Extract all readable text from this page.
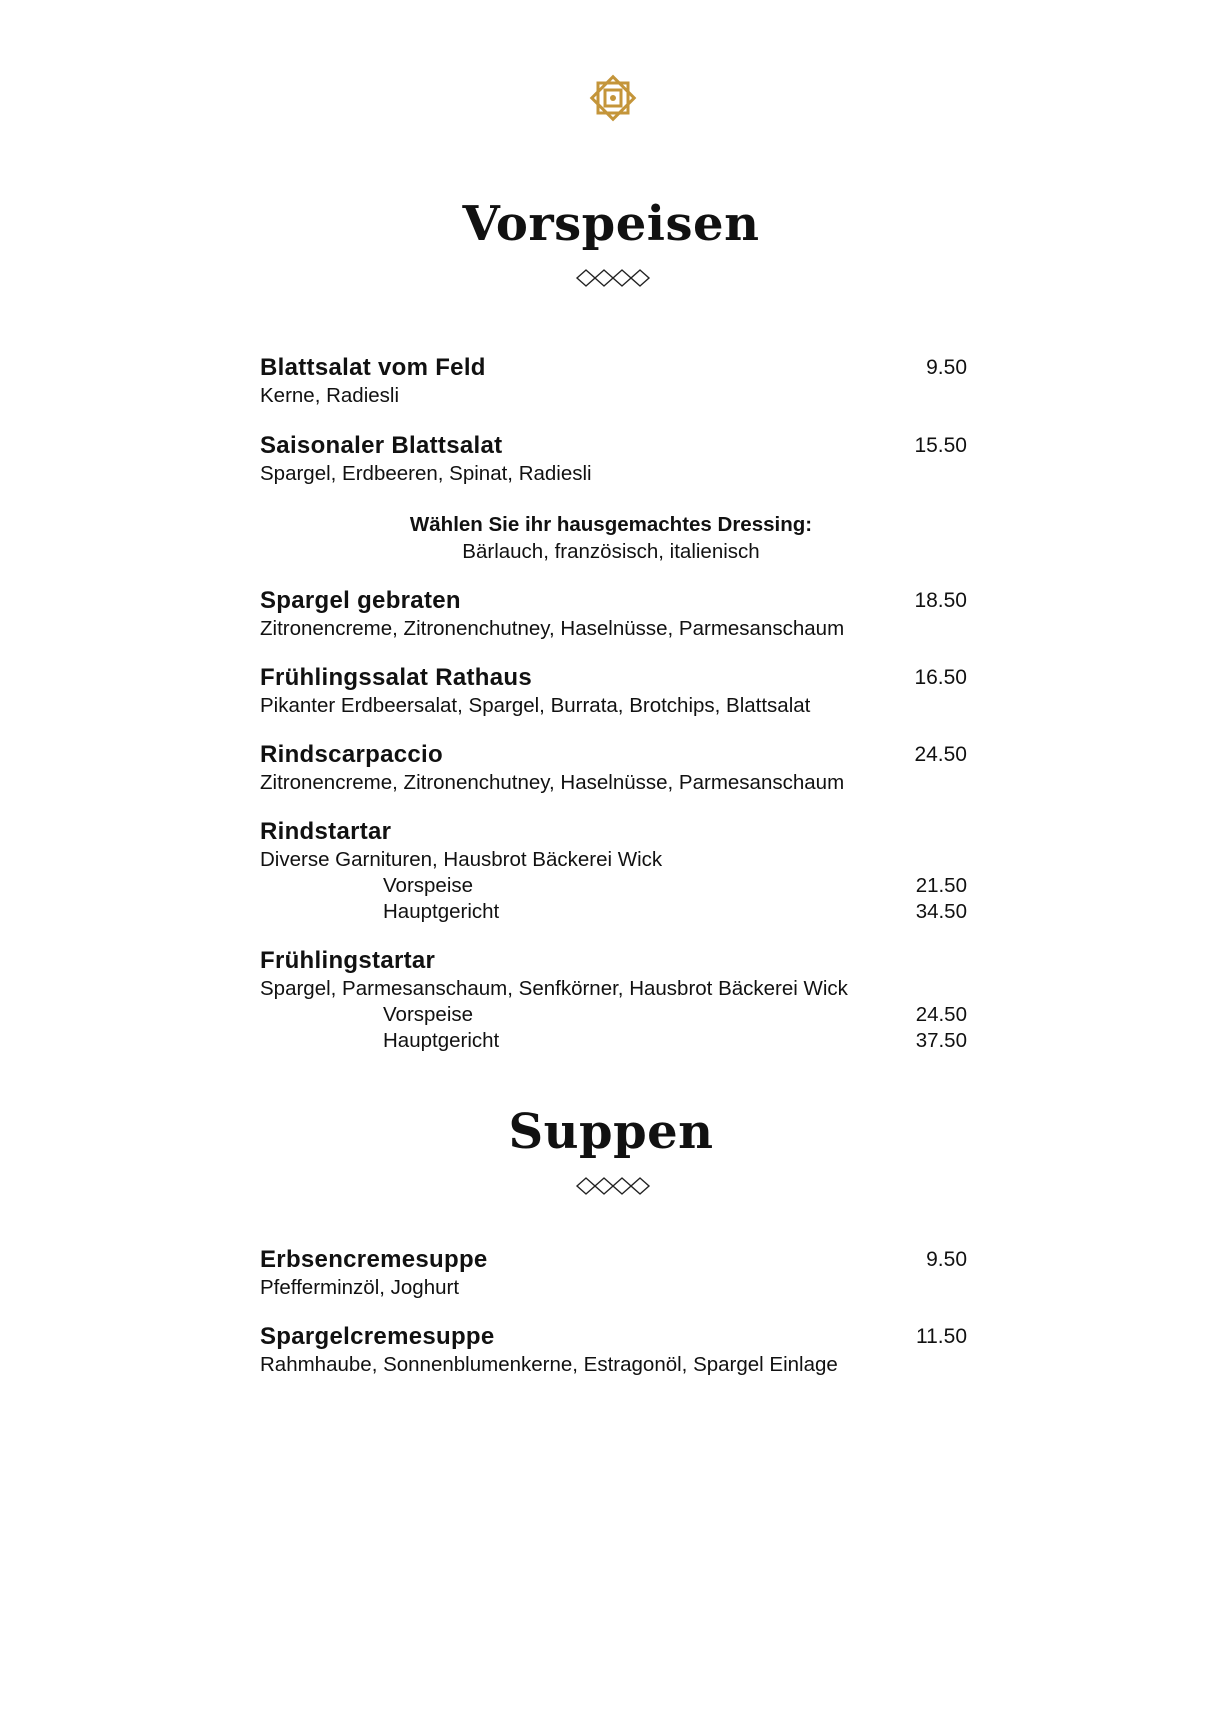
Vorspeisen
Blattsalat vom Feld	9.50
Kerne, Radiesli
Saisonaler Blattsalat	15.50
Spargel, Erdbeeren, Spinat, Radiesli
Wählen Sie ihr hausgemachtes Dressing:
Bärlauch, französisch, italienisch
Spargel gebraten	18.50
Zitronencreme, Zitronenchutney, Haselnüsse, Parmesanschaum
Frühlingssalat Rathaus	16.50
Pikanter Erdbeersalat, Spargel, Burrata, Brotchips, Blattsalat
Rindscarpaccio	24.50
Zitronencreme, Zitronenchutney, Haselnüsse, Parmesanschaum
Rindstartar
Diverse Garnituren, Hausbrot Bäckerei Wick
Vorspeise	21.50
Hauptgericht	34.50
Frühlingstartar
Spargel, Parmesanschaum, Senfkörner, Hausbrot Bäckerei Wick
Vorspeise	24.50
Hauptgericht	37.50
Suppen
Erbsencremesuppe	9.50
Pfefferminzöl, Joghurt
Spargelcremesuppe	11.50
Rahmhaube, Sonnenblumenkerne, Estragonöl, Spargel Einlage
